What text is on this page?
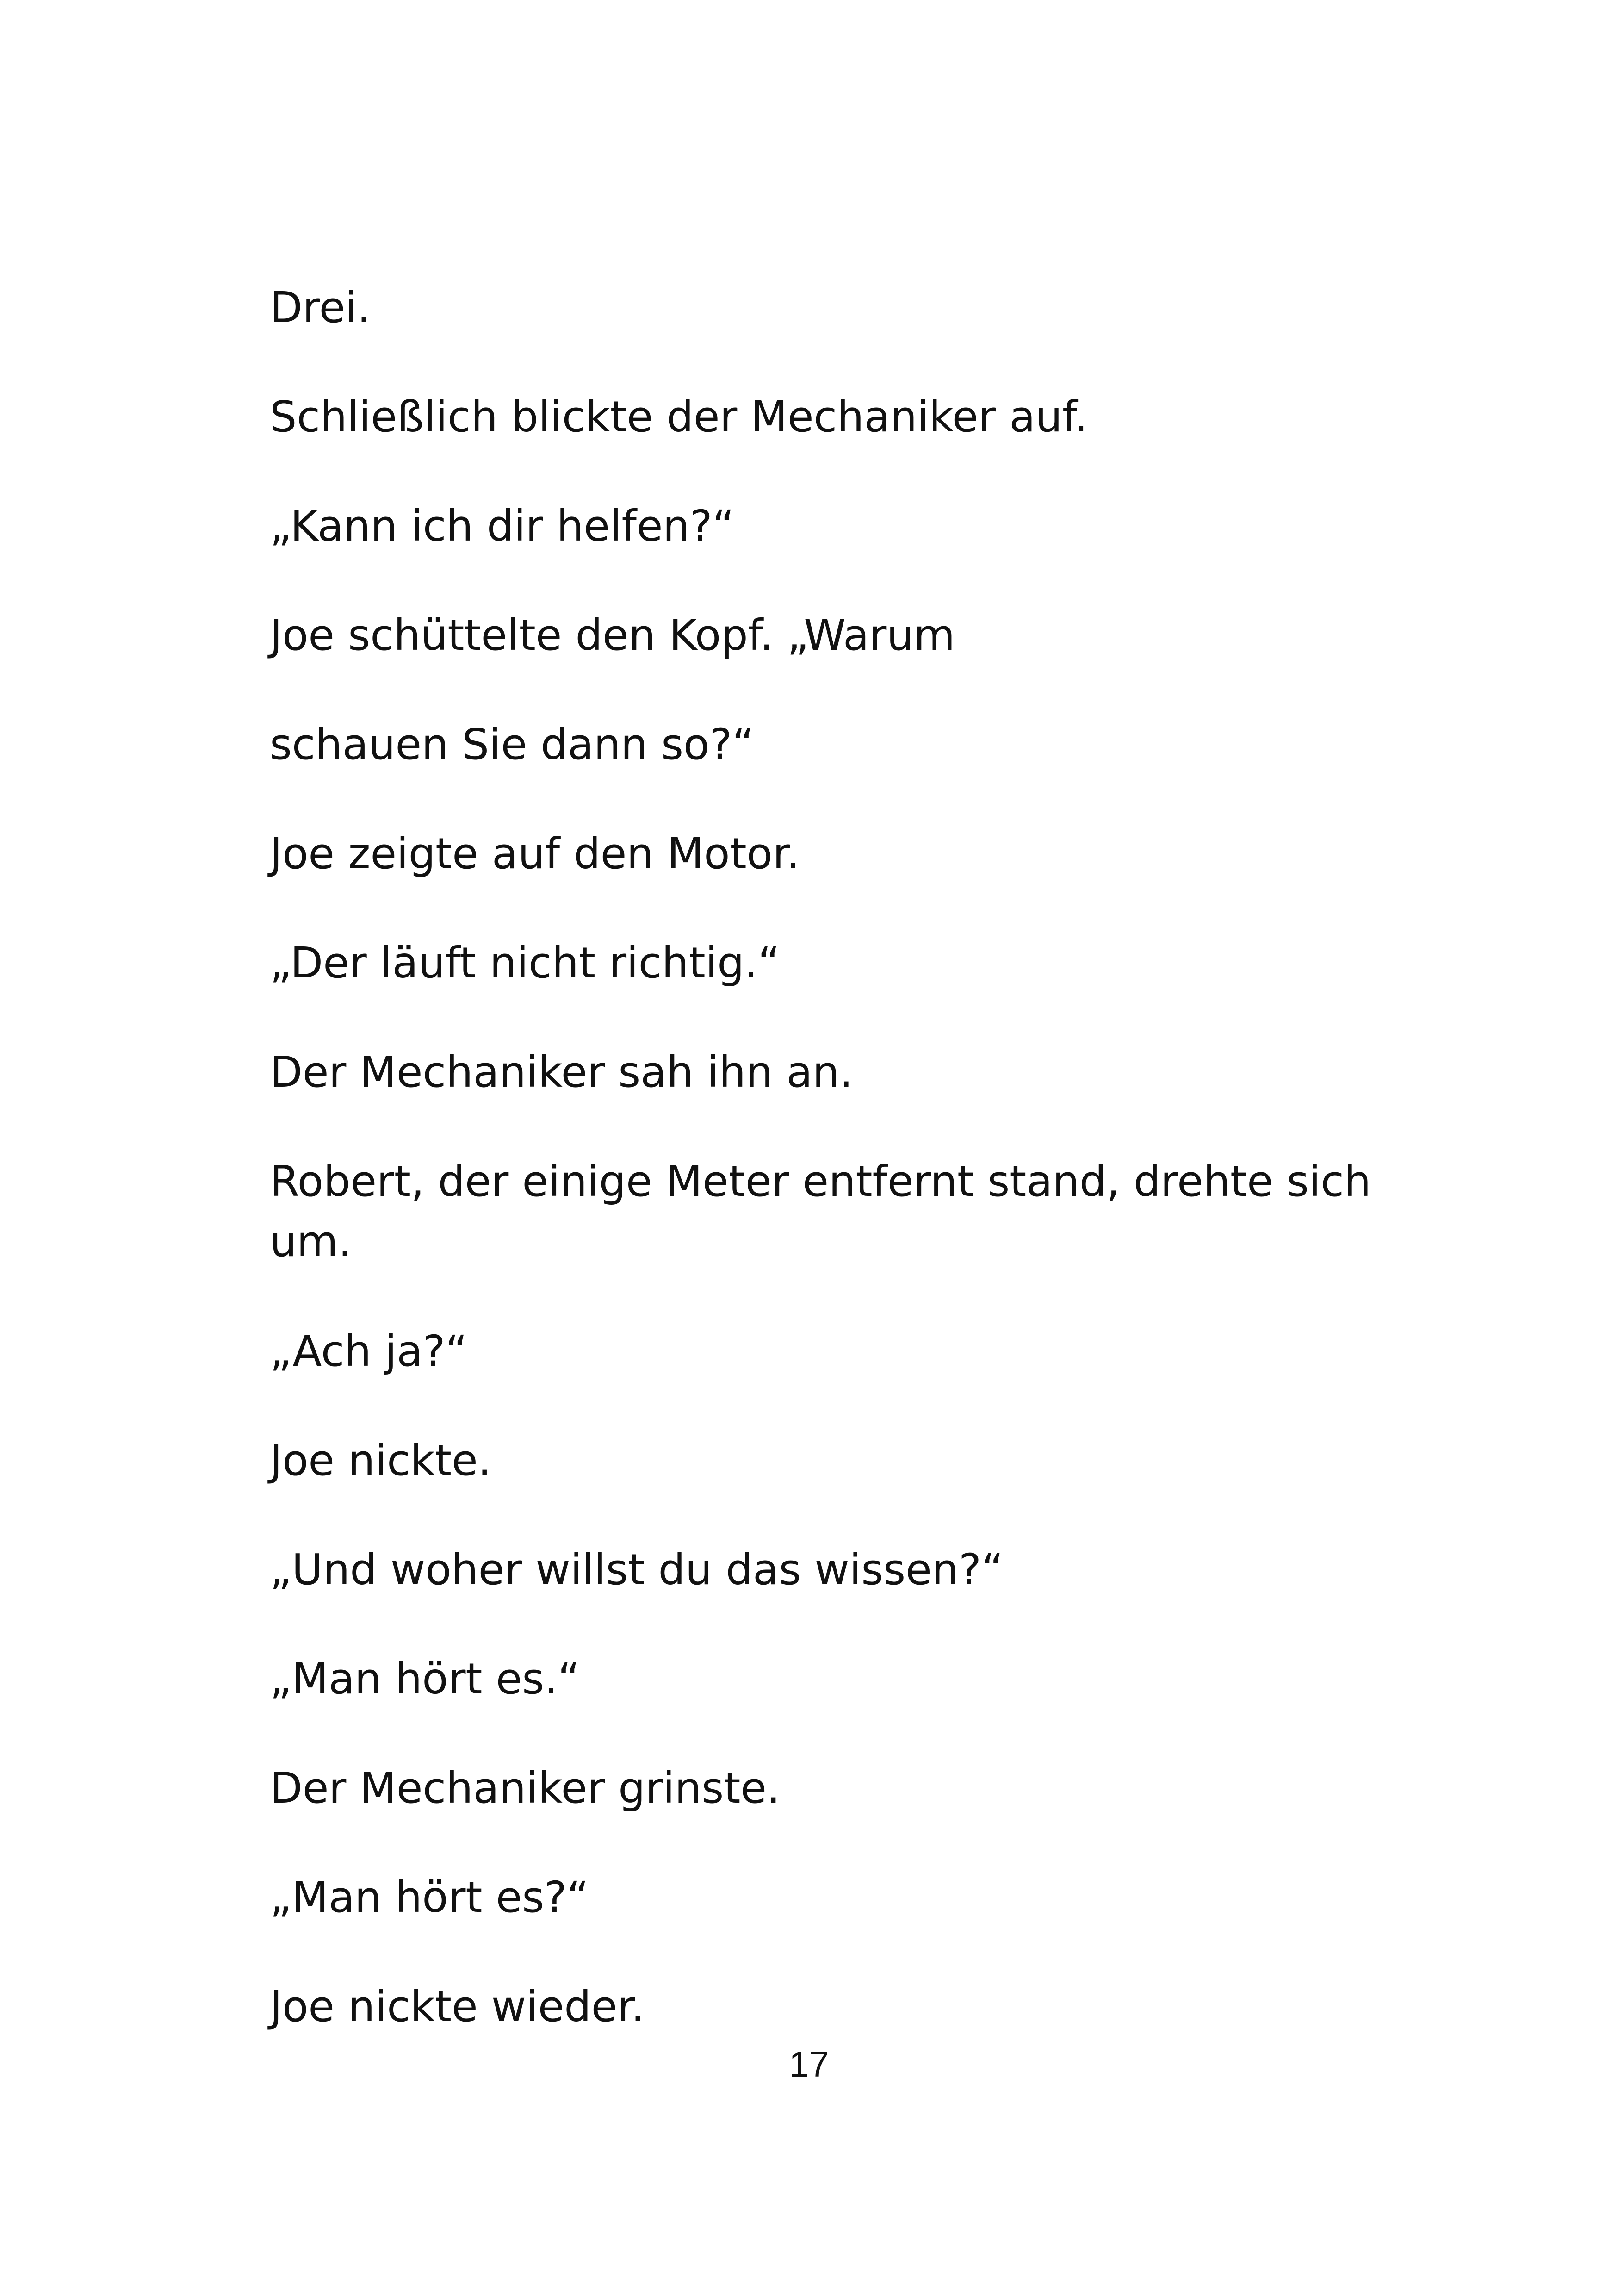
Drei.

Schließlich blickte der Mechaniker auf.

„Kann ich dir helfen?“

Joe schüttelte den Kopf. „Warum

schauen Sie dann so?“

Joe zeigte auf den Motor.

„Der läuft nicht richtig.“

Der Mechaniker sah ihn an.

Robert, der einige Meter entfernt stand, drehte sich um.

„Ach ja?“

Joe nickte.

„Und woher willst du das wissen?“

„Man hört es.“

Der Mechaniker grinste.

„Man hört es?“

Joe nickte wieder.

17
